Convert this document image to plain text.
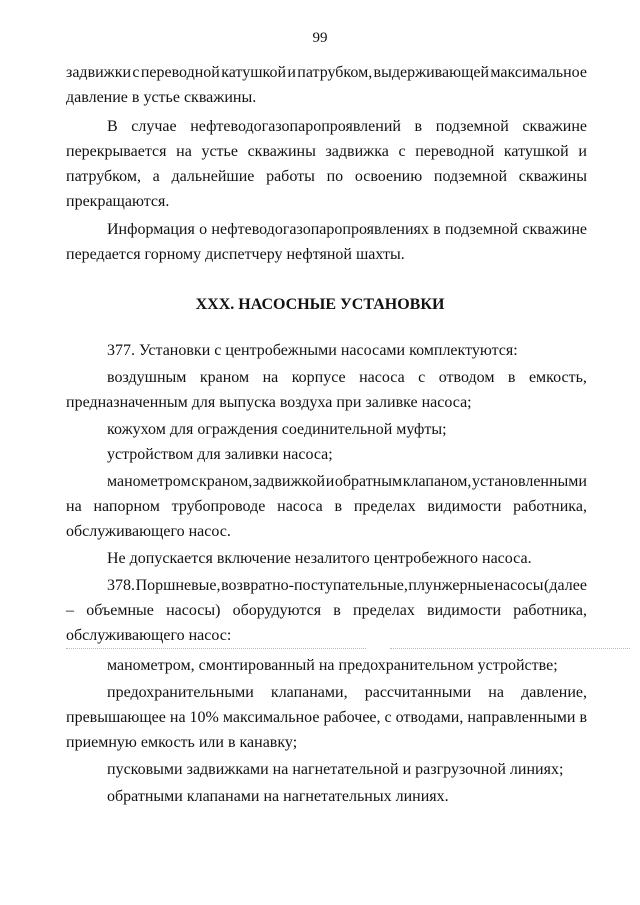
99
задвижки с переводной катушкой и патрубком, выдерживающей максимальное
давление в устье скважины.
В случае нефтеводогазопаропроявлений в подземной скважине
перекрывается на устье скважины задвижка с переводной катушкой и
патрубком, а дальнейшие работы по освоению подземной скважины
прекращаются.
Информация о нефтеводогазопаропроявлениях в подземной скважине
передается горному диспетчеру нефтяной шахты.
XXX. НАСОСНЫЕ УСТАНОВКИ
377. Установки с центробежными насосами комплектуются:
воздушным краном на корпусе насоса с отводом в емкость,
предназначенным для выпуска воздуха при заливке насоса;
кожухом для ограждения соединительной муфты;
устройством для заливки насоса;
манометром с краном, задвижкой и обратным клапаном, установленными
на напорном трубопроводе насоса в пределах видимости работника,
обслуживающего насос.
Не допускается включение незалитого центробежного насоса.
378. Поршневые, возвратно-поступательные, плунжерные насосы (далее
– объемные насосы) оборудуются в пределах видимости работника,
обслуживающего насос:
манометром, смонтированный на предохранительном устройстве;
предохранительными клапанами, рассчитанными на давление,
превышающее на 10% максимальное рабочее, с отводами, направленными в
приемную емкость или в канавку;
пусковыми задвижками на нагнетательной и разгрузочной линиях;
обратными клапанами на нагнетательных линиях.
